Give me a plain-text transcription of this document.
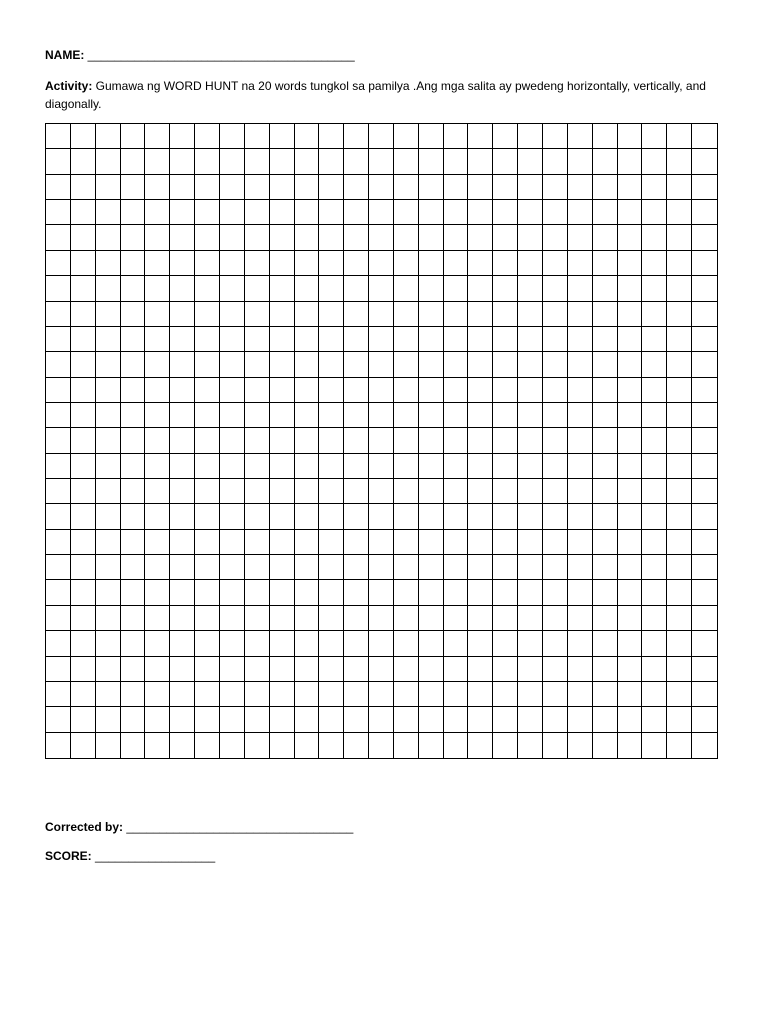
NAME: ________________________________________
Activity: Gumawa ng WORD HUNT na 20 words tungkol sa pamilya .Ang mga salita ay pwedeng horizontally, vertically, and diagonally.
Corrected by: __________________________________
SCORE: __________________
